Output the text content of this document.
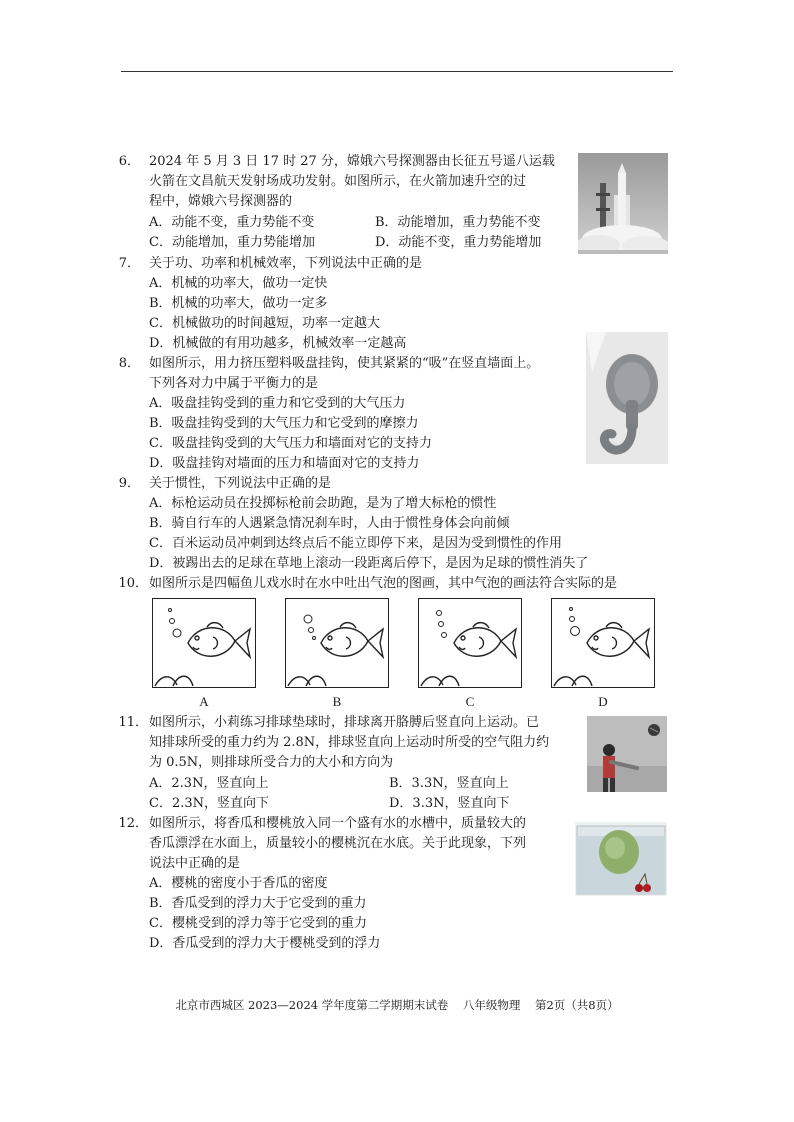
6． 2024 年 5 月 3 日 17 时 27 分，嫦娥六号探测器由长征五号遥八运载
火箭在文昌航天发射场成功发射。如图所示，在火箭加速升空的过
程中，嫦娥六号探测器的
A．动能不变，重力势能不变	B．动能增加，重力势能不变
C．动能增加，重力势能增加	D．动能不变，重力势能增加
7． 关于功、功率和机械效率，下列说法中正确的是
A．机械的功率大，做功一定快
B．机械的功率大，做功一定多
C．机械做功的时间越短，功率一定越大
D．机械做的有用功越多，机械效率一定越高
8． 如图所示，用力挤压塑料吸盘挂钩，使其紧紧的“吸”在竖直墙面上。
下列各对力中属于平衡力的是
A．吸盘挂钩受到的重力和它受到的大气压力
B．吸盘挂钩受到的大气压力和它受到的摩擦力
C．吸盘挂钩受到的大气压力和墙面对它的支持力
D．吸盘挂钩对墙面的压力和墙面对它的支持力
9． 关于惯性，下列说法中正确的是
A．标枪运动员在投掷标枪前会助跑，是为了增大标枪的惯性
B．骑自行车的人遇紧急情况刹车时，人由于惯性身体会向前倾
C．百米运动员冲刺到达终点后不能立即停下来，是因为受到惯性的作用
D．被踢出去的足球在草地上滚动一段距离后停下，是因为足球的惯性消失了
10． 如图所示是四幅鱼儿戏水时在水中吐出气泡的图画，其中气泡的画法符合实际的是
A	B	C	D
11． 如图所示，小莉练习排球垫球时，排球离开胳膊后竖直向上运动。已
知排球所受的重力约为 2.8N，排球竖直向上运动时所受的空气阻力约
为 0.5N，则排球所受合力的大小和方向为
A．2.3N，竖直向上	B．3.3N，竖直向上
C．2.3N，竖直向下	D．3.3N，竖直向下
12． 如图所示，将香瓜和樱桃放入同一个盛有水的水槽中，质量较大的
香瓜漂浮在水面上，质量较小的樱桃沉在水底。关于此现象，下列
说法中正确的是
A．樱桃的密度小于香瓜的密度
B．香瓜受到的浮力大于它受到的重力
C．樱桃受到的浮力等于它受到的重力
D．香瓜受到的浮力大于樱桃受到的浮力
北京市西城区 2023—2024 学年度第二学期期末试卷    八年级物理    第2页（共8页）
